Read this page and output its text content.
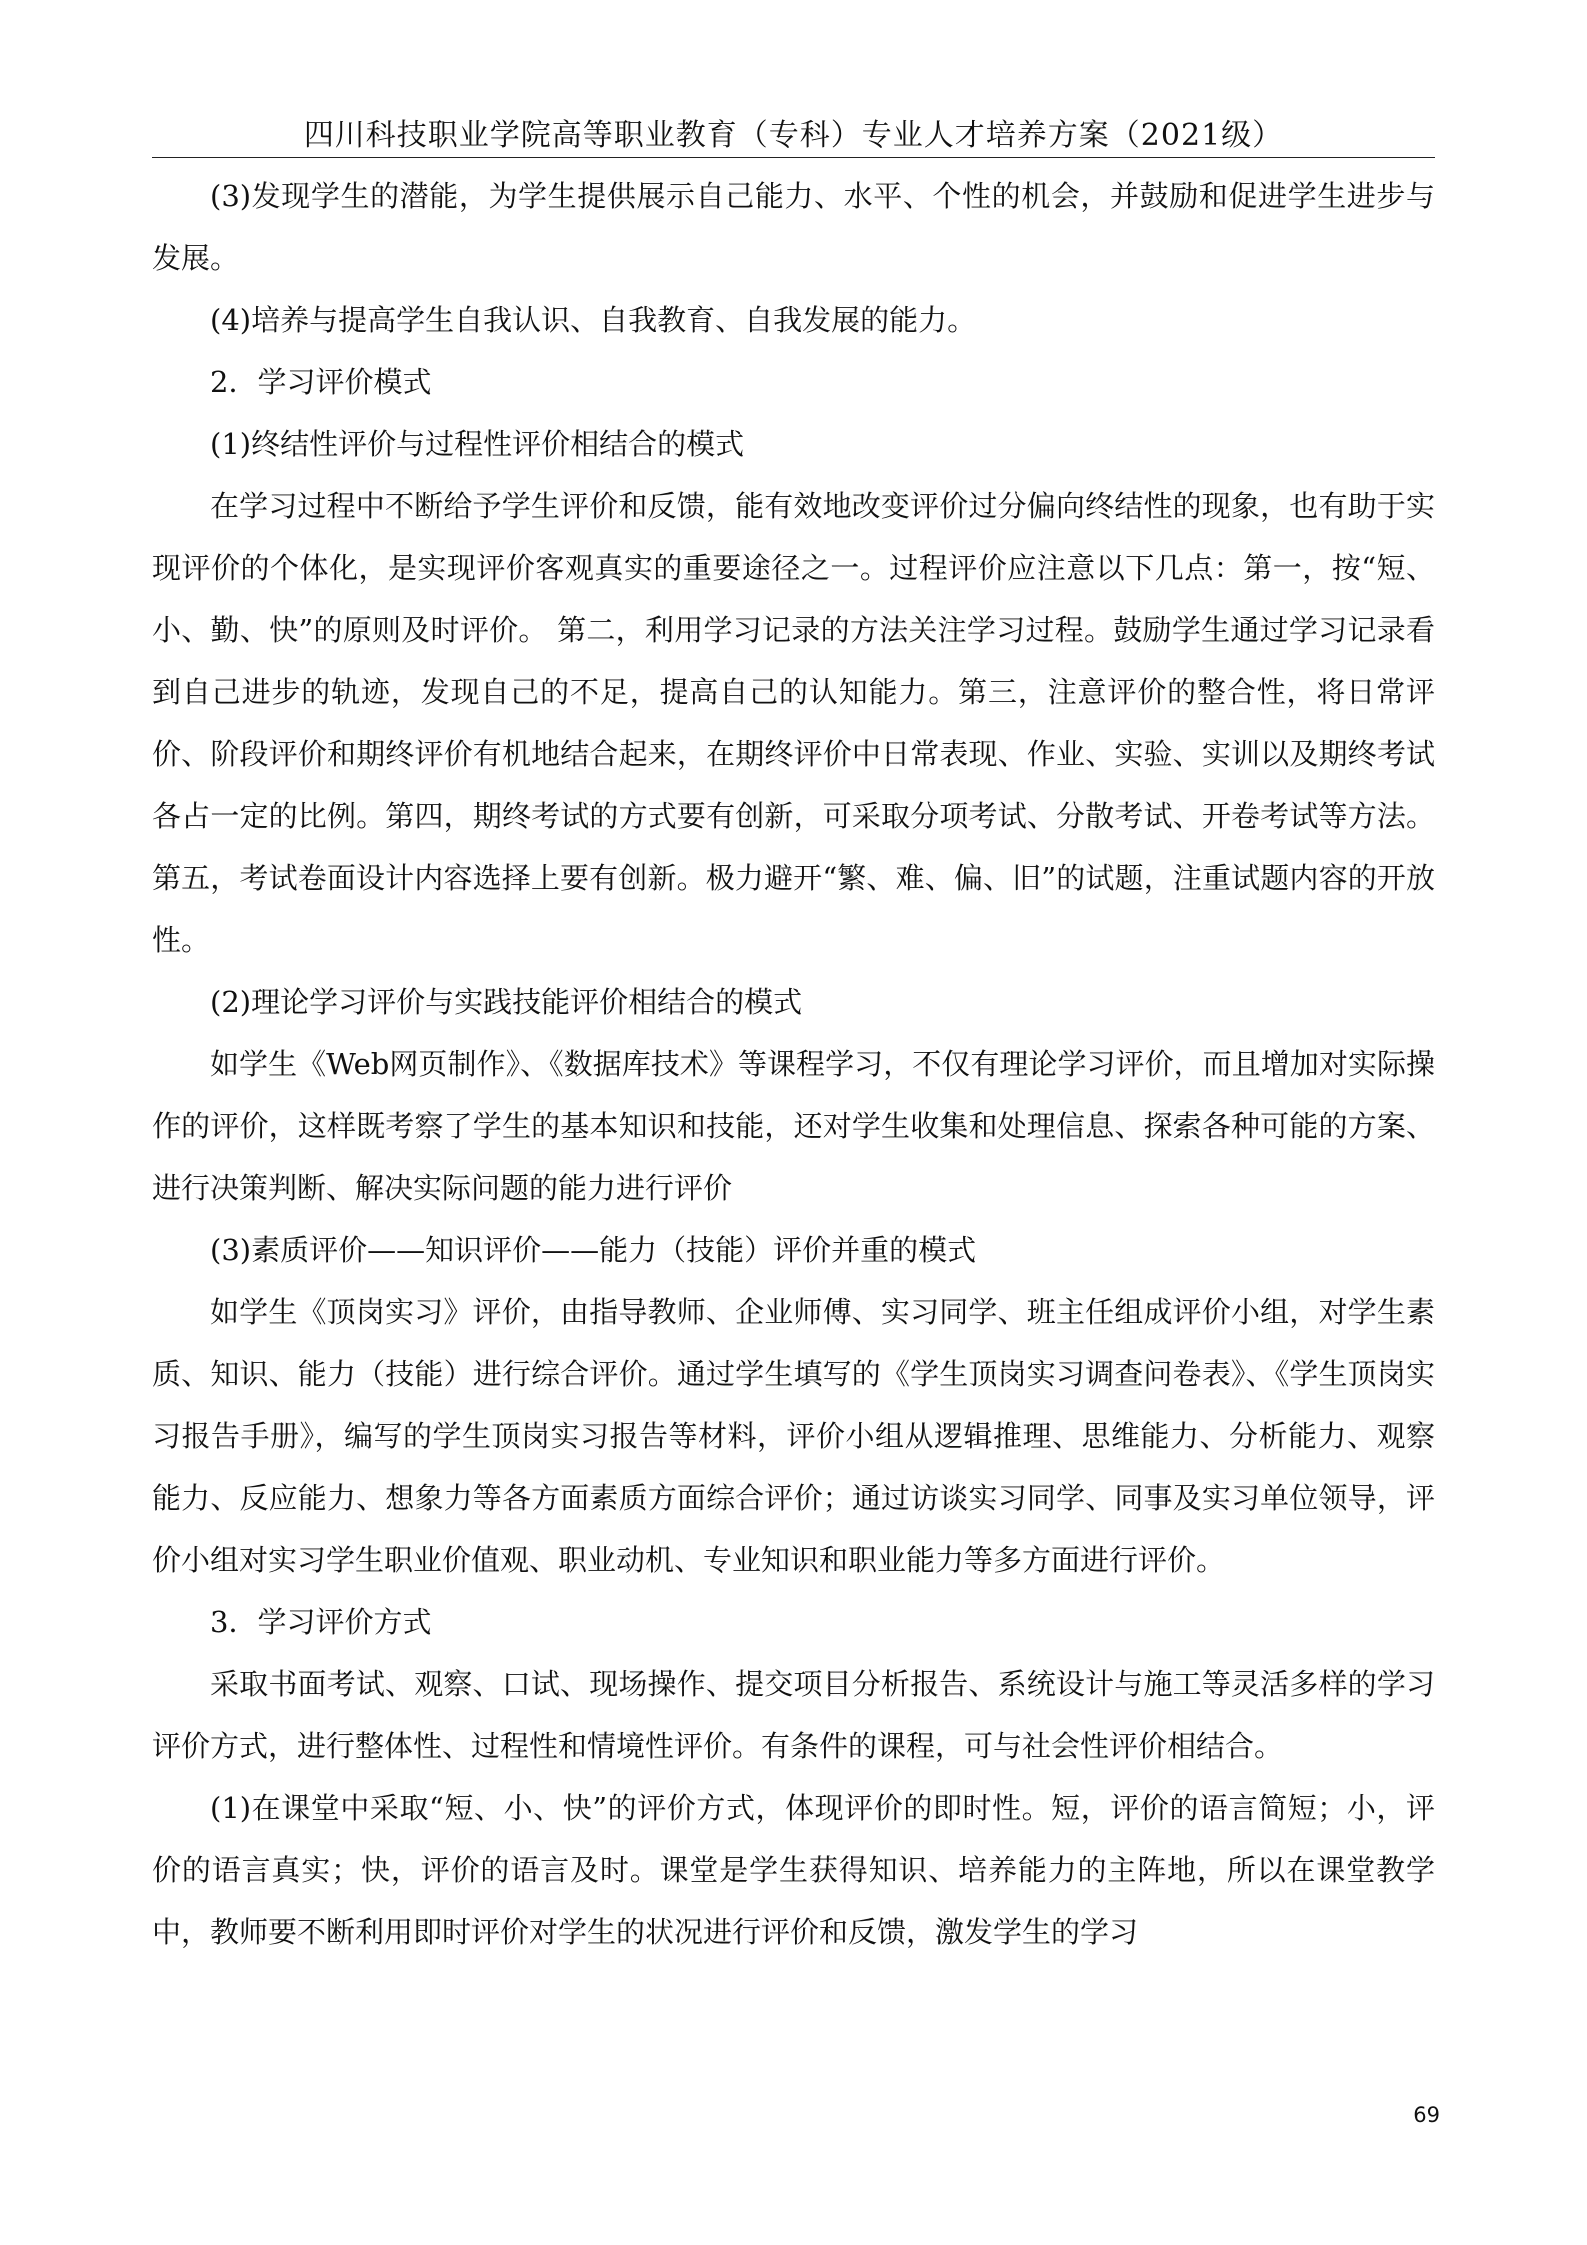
四川科技职业学院高等职业教育（专科）专业人才培养方案（2021级）

(3)发现学生的潜能，为学生提供展示自己能力、水平、个性的机会，并鼓励和促进学生进步与发展。

(4)培养与提高学生自我认识、自我教育、自我发展的能力。

2．学习评价模式

(1)终结性评价与过程性评价相结合的模式

在学习过程中不断给予学生评价和反馈，能有效地改变评价过分偏向终结性的现象，也有助于实现评价的个体化，是实现评价客观真实的重要途径之一。过程评价应注意以下几点：第一，按“短、小、勤、快”的原则及时评价。 第二，利用学习记录的方法关注学习过程。鼓励学生通过学习记录看到自己进步的轨迹，发现自己的不足，提高自己的认知能力。第三，注意评价的整合性，将日常评价、阶段评价和期终评价有机地结合起来，在期终评价中日常表现、作业、实验、实训以及期终考试各占一定的比例。第四，期终考试的方式要有创新，可采取分项考试、分散考试、开卷考试等方法。第五，考试卷面设计内容选择上要有创新。极力避开“繁、难、偏、旧”的试题，注重试题内容的开放性。

(2)理论学习评价与实践技能评价相结合的模式

如学生《Web网页制作》、《数据库技术》等课程学习，不仅有理论学习评价，而且增加对实际操作的评价，这样既考察了学生的基本知识和技能，还对学生收集和处理信息、探索各种可能的方案、进行决策判断、解决实际问题的能力进行评价

(3)素质评价——知识评价——能力（技能）评价并重的模式

如学生《顶岗实习》评价，由指导教师、企业师傅、实习同学、班主任组成评价小组，对学生素质、知识、能力（技能）进行综合评价。通过学生填写的《学生顶岗实习调查问卷表》、《学生顶岗实习报告手册》，编写的学生顶岗实习报告等材料，评价小组从逻辑推理、思维能力、分析能力、观察能力、反应能力、想象力等各方面素质方面综合评价；通过访谈实习同学、同事及实习单位领导，评价小组对实习学生职业价值观、职业动机、专业知识和职业能力等多方面进行评价。

3．学习评价方式

采取书面考试、观察、口试、现场操作、提交项目分析报告、系统设计与施工等灵活多样的学习评价方式，进行整体性、过程性和情境性评价。有条件的课程，可与社会性评价相结合。

(1)在课堂中采取“短、小、快”的评价方式，体现评价的即时性。短，评价的语言简短；小，评价的语言真实；快，评价的语言及时。课堂是学生获得知识、培养能力的主阵地，所以在课堂教学中，教师要不断利用即时评价对学生的状况进行评价和反馈，激发学生的学习

69
